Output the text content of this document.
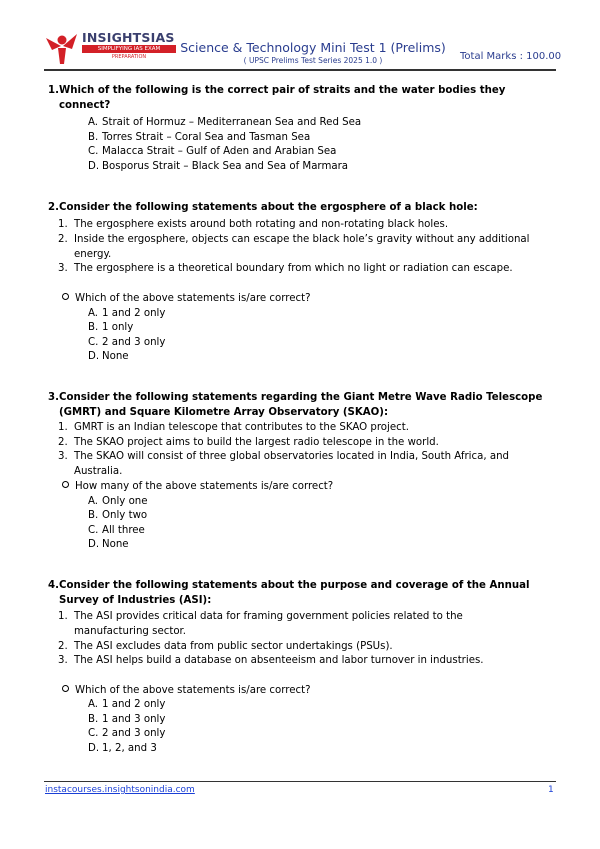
INSIGHTSIAS
SIMPLIFYING IAS EXAM
PREPARATION
Science & Technology Mini Test 1 (Prelims)
( UPSC Prelims Test Series 2025 1.0 )	Total Marks : 100.00
1. Which of the following is the correct pair of straits and the water bodies they connect?
A. Strait of Hormuz – Mediterranean Sea and Red Sea
B. Torres Strait – Coral Sea and Tasman Sea
C. Malacca Strait – Gulf of Aden and Arabian Sea
D. Bosporus Strait – Black Sea and Sea of Marmara
2. Consider the following statements about the ergosphere of a black hole:
1. The ergosphere exists around both rotating and non-rotating black holes.
2. Inside the ergosphere, objects can escape the black hole’s gravity without any additional energy.
3. The ergosphere is a theoretical boundary from which no light or radiation can escape.
Which of the above statements is/are correct?
A. 1 and 2 only
B. 1 only
C. 2 and 3 only
D. None
3. Consider the following statements regarding the Giant Metre Wave Radio Telescope (GMRT) and Square Kilometre Array Observatory (SKAO):
1. GMRT is an Indian telescope that contributes to the SKAO project.
2. The SKAO project aims to build the largest radio telescope in the world.
3. The SKAO will consist of three global observatories located in India, South Africa, and Australia.
How many of the above statements is/are correct?
A. Only one
B. Only two
C. All three
D. None
4. Consider the following statements about the purpose and coverage of the Annual Survey of Industries (ASI):
1. The ASI provides critical data for framing government policies related to the manufacturing sector.
2. The ASI excludes data from public sector undertakings (PSUs).
3. The ASI helps build a database on absenteeism and labor turnover in industries.
Which of the above statements is/are correct?
A. 1 and 2 only
B. 1 and 3 only
C. 2 and 3 only
D. 1, 2, and 3
instacourses.insightsonindia.com	1
